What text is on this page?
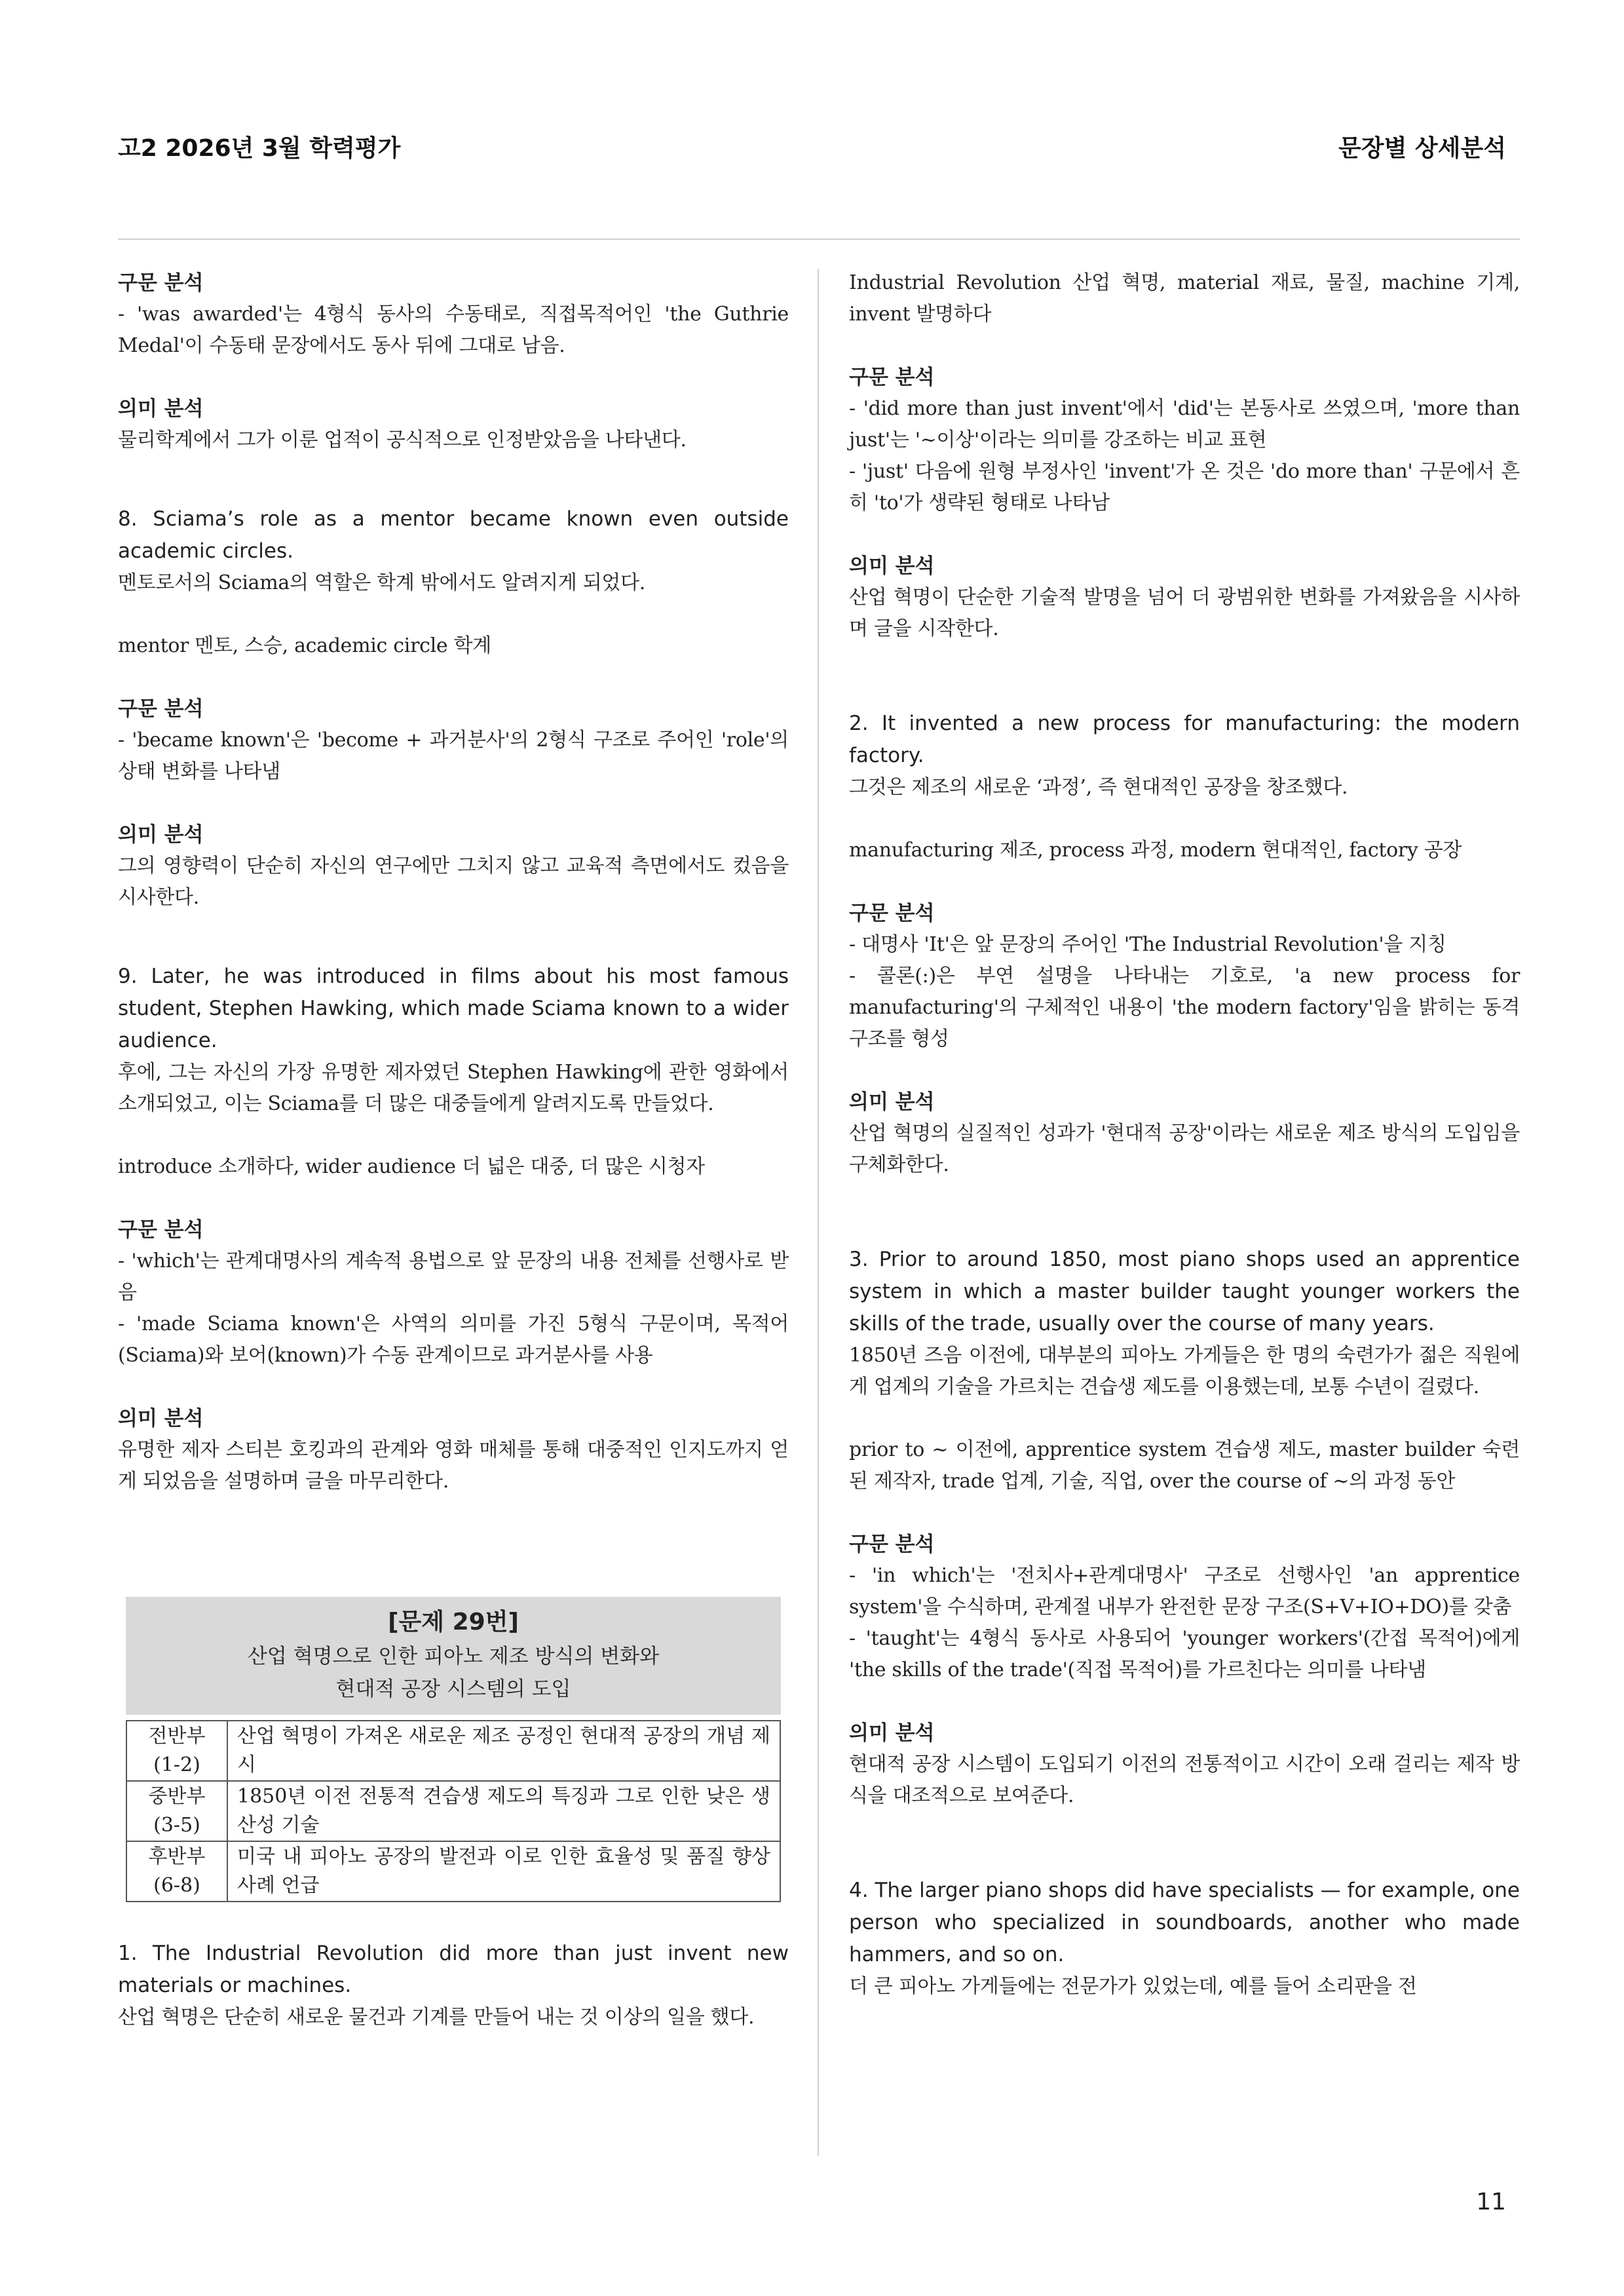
고2 2026년 3월 학력평가	문장별 상세분석

구문 분석

- 'was awarded'는 4형식 동사의 수동태로, 직접목적어인 'the Guthrie Medal'이 수동태 문장에서도 동사 뒤에 그대로 남음.

의미 분석

물리학계에서 그가 이룬 업적이 공식적으로 인정받았음을 나타낸다.

8. Sciama’s role as a mentor became known even outside academic circles.

멘토로서의 Sciama의 역할은 학계 밖에서도 알려지게 되었다.

mentor 멘토, 스승, academic circle 학계

구문 분석

- 'became known'은 'become + 과거분사'의 2형식 구조로 주어인 'role'의 상태 변화를 나타냄

의미 분석

그의 영향력이 단순히 자신의 연구에만 그치지 않고 교육적 측면에서도 컸음을 시사한다.

9. Later, he was introduced in films about his most famous student, Stephen Hawking, which made Sciama known to a wider audience.

후에, 그는 자신의 가장 유명한 제자였던 Stephen Hawking에 관한 영화에서 소개되었고, 이는 Sciama를 더 많은 대중들에게 알려지도록 만들었다.

introduce 소개하다, wider audience 더 넓은 대중, 더 많은 시청자

구문 분석

- 'which'는 관계대명사의 계속적 용법으로 앞 문장의 내용 전체를 선행사로 받음

- 'made Sciama known'은 사역의 의미를 가진 5형식 구문이며, 목적어(Sciama)와 보어(known)가 수동 관계이므로 과거분사를 사용

의미 분석

유명한 제자 스티븐 호킹과의 관계와 영화 매체를 통해 대중적인 인지도까지 얻게 되었음을 설명하며 글을 마무리한다.

[문제 29번]
산업 혁명으로 인한 피아노 제조 방식의 변화와
현대적 공장 시스템의 도입
전반부
(1-2)	산업 혁명이 가져온 새로운 제조 공정인 현대적 공장의 개념 제시

중반부
(3-5)	1850년 이전 전통적 견습생 제도의 특징과 그로 인한 낮은 생산성 기술

후반부
(6-8)	미국 내 피아노 공장의 발전과 이로 인한 효율성 및 품질 향상 사례 언급

1. The Industrial Revolution did more than just invent new materials or machines.

산업 혁명은 단순히 새로운 물건과 기계를 만들어 내는 것 이상의 일을 했다.

Industrial Revolution 산업 혁명, material 재료, 물질, machine 기계, invent 발명하다

구문 분석

- 'did more than just invent'에서 'did'는 본동사로 쓰였으며, 'more than just'는 '~이상'이라는 의미를 강조하는 비교 표현

- 'just' 다음에 원형 부정사인 'invent'가 온 것은 'do more than' 구문에서 흔히 'to'가 생략된 형태로 나타남

의미 분석

산업 혁명이 단순한 기술적 발명을 넘어 더 광범위한 변화를 가져왔음을 시사하며 글을 시작한다.

2. It invented a new process for manufacturing: the modern factory.

그것은 제조의 새로운 ‘과정’, 즉 현대적인 공장을 창조했다.

manufacturing 제조, process 과정, modern 현대적인, factory 공장

구문 분석

- 대명사 'It'은 앞 문장의 주어인 'The Industrial Revolution'을 지칭

- 콜론(:)은 부연 설명을 나타내는 기호로, 'a new process for manufacturing'의 구체적인 내용이 'the modern factory'임을 밝히는 동격 구조를 형성

의미 분석

산업 혁명의 실질적인 성과가 '현대적 공장'이라는 새로운 제조 방식의 도입임을 구체화한다.

3. Prior to around 1850, most piano shops used an apprentice system in which a master builder taught younger workers the skills of the trade, usually over the course of many years.

1850년 즈음 이전에, 대부분의 피아노 가게들은 한 명의 숙련가가 젊은 직원에게 업계의 기술을 가르치는 견습생 제도를 이용했는데, 보통 수년이 걸렸다.

prior to ~ 이전에, apprentice system 견습생 제도, master builder 숙련된 제작자, trade 업계, 기술, 직업, over the course of ~의 과정 동안

구문 분석

- 'in which'는 '전치사+관계대명사' 구조로 선행사인 'an apprentice system'을 수식하며, 관계절 내부가 완전한 문장 구조(S+V+IO+DO)를 갖춤

- 'taught'는 4형식 동사로 사용되어 'younger workers'(간접 목적어)에게 'the skills of the trade'(직접 목적어)를 가르친다는 의미를 나타냄

의미 분석

현대적 공장 시스템이 도입되기 이전의 전통적이고 시간이 오래 걸리는 제작 방식을 대조적으로 보여준다.

4. The larger piano shops did have specialists — for example, one person who specialized in soundboards, another who made hammers, and so on.

더 큰 피아노 가게들에는 전문가가 있었는데, 예를 들어 소리판을 전

11
